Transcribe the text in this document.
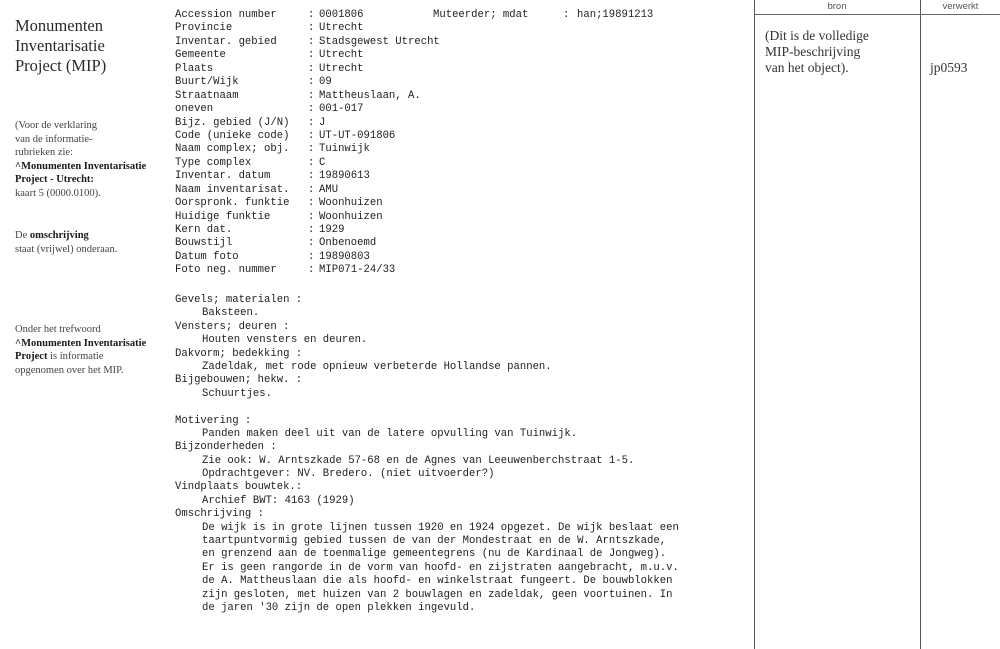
Monumenten
Inventarisatie
Project (MIP)
(Voor de verklaring
van de informatie-
rubrieken zie:
^Monumenten Inventarisatie
Project - Utrecht:
kaart 5 (0000.0100).
De omschrijving
staat (vrijwel) onderaan.
Onder het trefwoord
^Monumenten Inventarisatie
Project is informatie
opgenomen over het MIP.
Muteerder; mdat	: han;19891213
Accession number	: 0001806
Provincie	: Utrecht
Inventar. gebied	: Stadsgewest Utrecht
Gemeente	: Utrecht
Plaats	: Utrecht
Buurt/Wijk	: 09
Straatnaam	: Mattheuslaan, A.
oneven	: 001-017
Bijz. gebied (J/N) : J
Code (unieke code) : UT-UT-091806
Naam complex; obj. : Tuinwijk
Type complex	: C
Inventar. datum	: 19890613
Naam inventarisat. : AMU
Oorspronk. funktie : Woonhuizen
Huidige funktie	: Woonhuizen
Kern dat.	: 1929
Bouwstijl	: Onbenoemd
Datum foto	: 19890803
Foto neg. nummer	: MIP071-24/33
Gevels; materialen :
Baksteen.
Vensters; deuren :
Houten vensters en deuren.
Dakvorm; bedekking :
Zadeldak, met rode opnieuw verbeterde Hollandse pannen.
Bijgebouwen; hekw. :
Schuurtjes.
Motivering :
Panden maken deel uit van de latere opvulling van Tuinwijk.
Bijzonderheden :
Zie ook: W. Arntszkade 57-68 en de Agnes van Leeuwenberchstraat 1-5.
Opdrachtgever: NV. Bredero. (niet uitvoerder?)
Vindplaats bouwtek.:
Archief BWT: 4163 (1929)
Omschrijving :
De wijk is in grote lijnen tussen 1920 en 1924 opgezet. De wijk beslaat een
taartpuntvormig gebied tussen de van der Mondestraat en de W. Arntszkade,
en grenzend aan de toenmalige gemeentegrens (nu de Kardinaal de Jongweg).
Er is geen rangorde in de vorm van hoofd- en zijstraten aangebracht, m.u.v.
de A. Mattheuslaan die als hoofd- en winkelstraat fungeert. De bouwblokken
zijn gesloten, met huizen van 2 bouwlagen en zadeldak, geen voortuinen. In
de jaren '30 zijn de open plekken ingevuld.
bron	verwerkt
(Dit is de volledige
MIP-beschrijving
van het object).	jp0593
